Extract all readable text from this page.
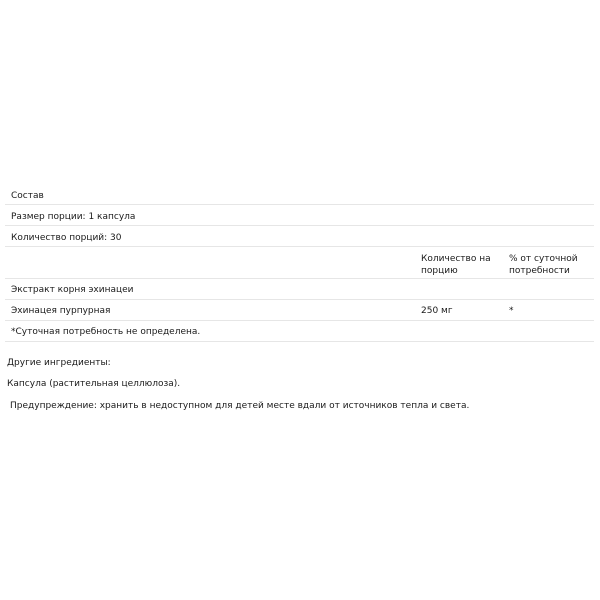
Состав
Размер порции: 1 капсула
Количество порций: 30
Количество на
порцию
% от суточной
потребности
Экстракт корня эхинацеи
Эхинацея пурпурная	250 мг	*
*Суточная потребность не определена.
Другие ингредиенты:
Капсула (растительная целлюлоза).
Предупреждение: хранить в недоступном для детей месте вдали от источников тепла и света.
